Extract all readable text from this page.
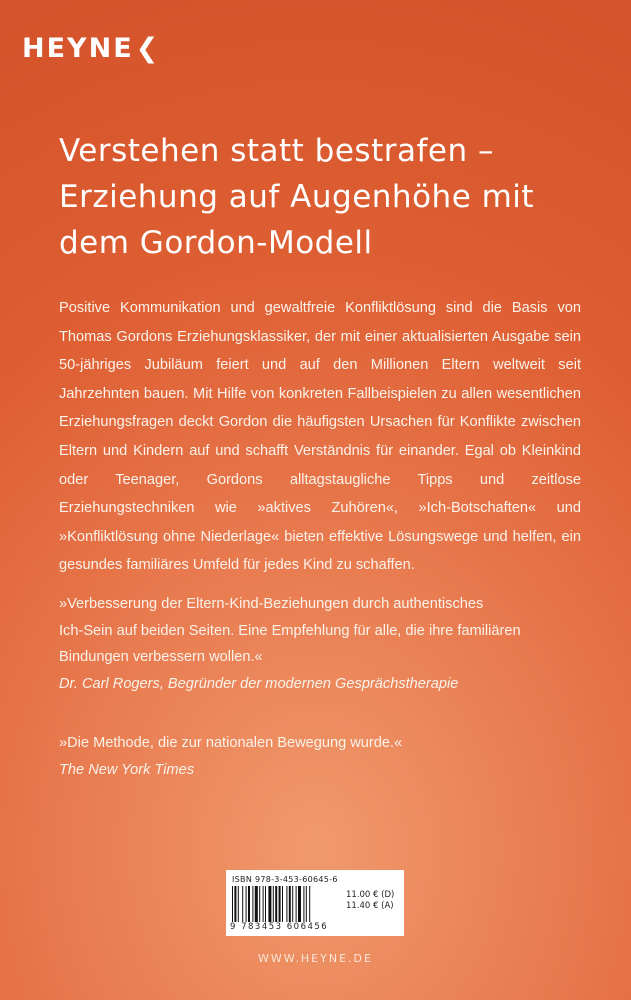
HEYNE ❮
Verstehen statt bestrafen –
Erziehung auf Augenhöhe mit
dem Gordon-Modell

Positive Kommunikation und gewaltfreie Konfliktlösung sind die Basis von Thomas Gordons Erziehungsklassiker, der mit einer aktualisierten Ausgabe sein 50-jähriges Jubiläum feiert und auf den Millionen Eltern weltweit seit Jahrzehnten bauen. Mit Hilfe von konkreten Fallbeispielen zu allen wesentlichen Erziehungsfragen deckt Gordon die häufigsten Ursachen für Konflikte zwischen Eltern und Kindern auf und schafft Verständnis für einander. Egal ob Kleinkind oder Teenager, Gordons alltagstaugliche Tipps und zeitlose Erziehungstechniken wie »aktives Zuhören«, »Ich-Botschaften« und »Konfliktlösung ohne Niederlage« bieten effektive Lösungswege und helfen, ein gesundes familiäres Umfeld für jedes Kind zu schaffen.

»Verbesserung der Eltern-Kind-Beziehungen durch authentisches
Ich-Sein auf beiden Seiten. Eine Empfehlung für alle, die ihre familiären
Bindungen verbessern wollen.«
Dr. Carl Rogers, Begründer der modernen Gesprächstherapie

»Die Methode, die zur nationalen Bewegung wurde.«
The New York Times

ISBN 978-3-453-60645-6
9 783453 606456
11.00 € (D)
11.40 € (A)
WWW.HEYNE.DE
